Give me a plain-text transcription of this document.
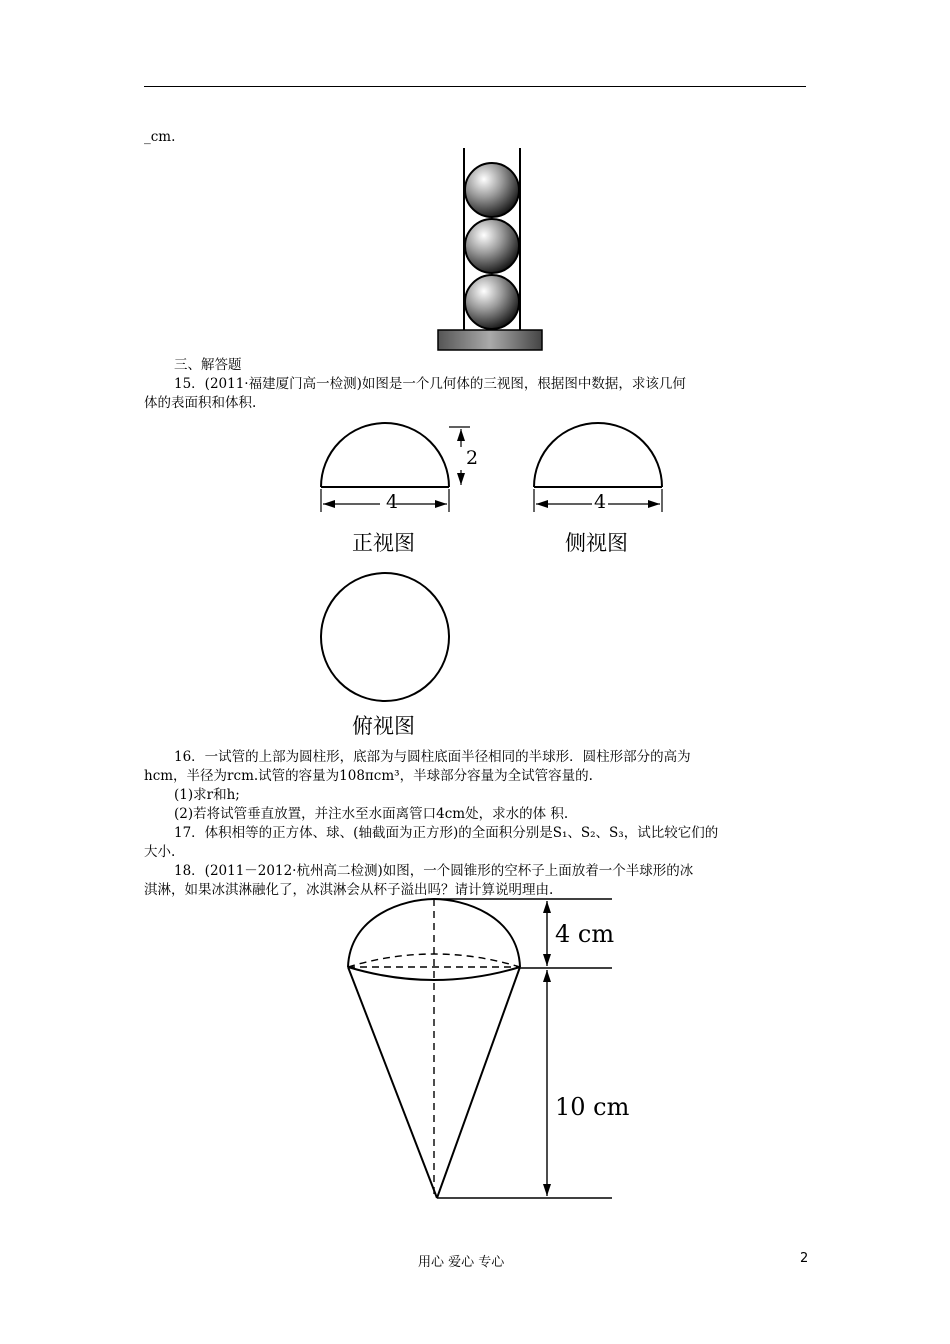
_cm.
三、解答题
15．(2011·福建厦门高一检测)如图是一个几何体的三视图，根据图中数据，求该几何
体的表面积和体积.
4
2
4
正视图	侧视图
俯视图
16．一试管的上部为圆柱形，底部为与圆柱底面半径相同的半球形．圆柱形部分的高为
hcm，半径为rcm.试管的容量为108πcm³，半球部分容量为全试管容量的.
(1)求r和h;
(2)若将试管垂直放置，并注水至水面离管口4cm处，求水的体 积.
17．体积相等的正方体、球、(轴截面为正方形)的全面积分别是S₁、S₂、S₃，试比较它们的
大小.
18．(2011－2012·杭州高二检测)如图，一个圆锥形的空杯子上面放着一个半球形的冰
淇淋，如果冰淇淋融化了，冰淇淋会从杯子溢出吗？请计算说明理由.
4 cm
10 cm
用心 爱心 专心	2
